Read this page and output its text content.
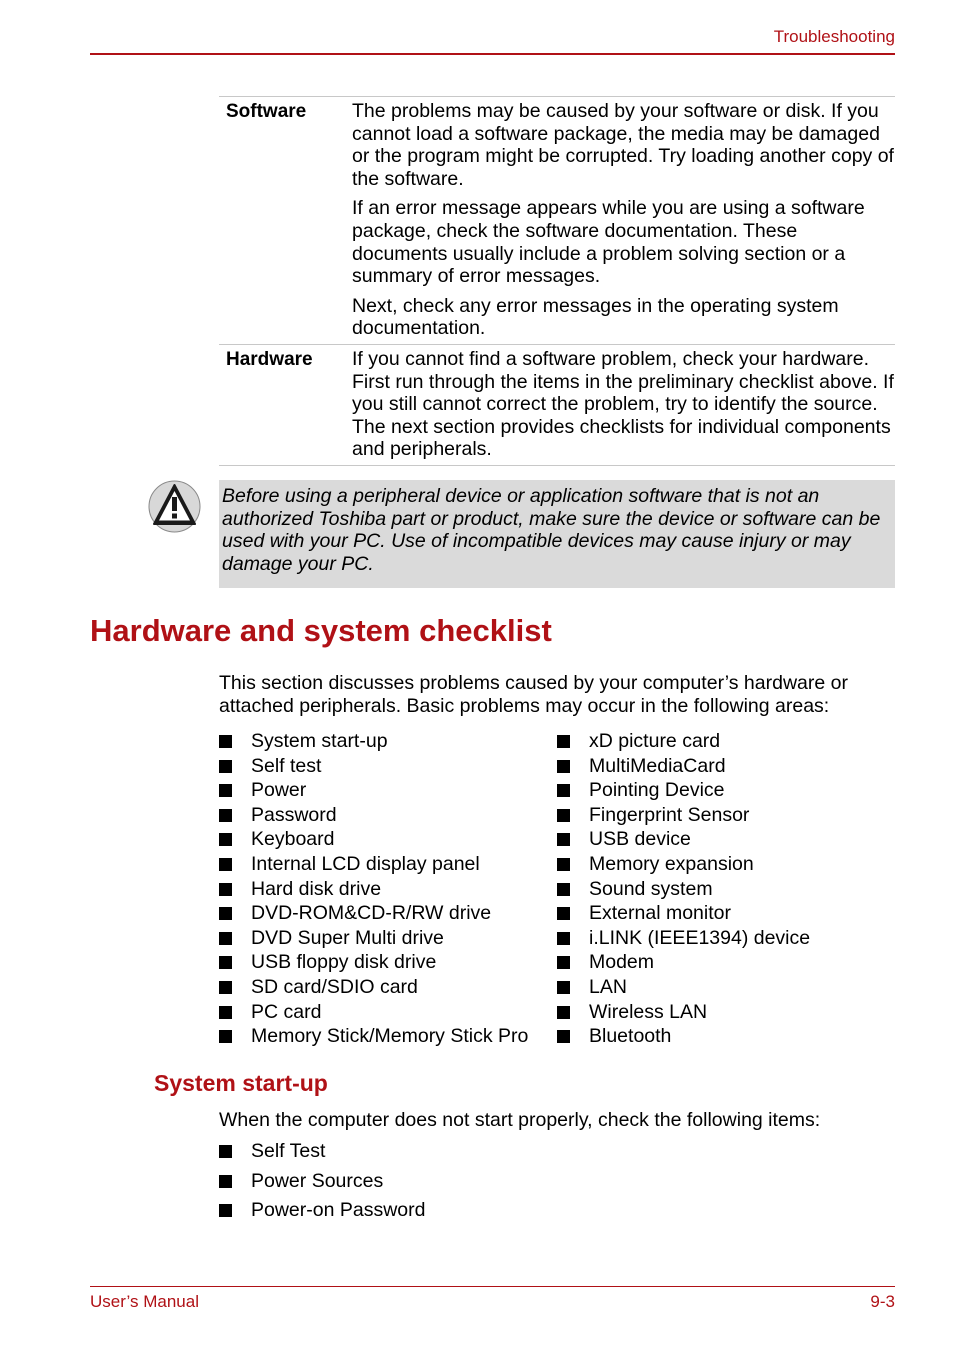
Troubleshooting
Software	The problems may be caused by your software or disk. If you cannot load a software package, the media may be damaged or the program might be corrupted. Try loading another copy of the software.

If an error message appears while you are using a software package, check the software documentation. These documents usually include a problem solving section or a summary of error messages.

Next, check any error messages in the operating system documentation.

Hardware	If you cannot find a software problem, check your hardware. First run through the items in the preliminary checklist above. If you still cannot correct the problem, try to identify the source. The next section provides checklists for individual components and peripherals.

Before using a peripheral device or application software that is not an authorized Toshiba part or product, make sure the device or software can be used with your PC. Use of incompatible devices may cause injury or may damage your PC.
Hardware and system checklist

This section discusses problems caused by your computer’s hardware or attached peripherals. Basic problems may occur in the following areas:

System start-up
Self test
Power
Password
Keyboard
Internal LCD display panel
Hard disk drive
DVD-ROM&CD-R/RW drive
DVD Super Multi drive
USB floppy disk drive
SD card/SDIO card
PC card
Memory Stick/Memory Stick Pro
xD picture card
MultiMediaCard
Pointing Device
Fingerprint Sensor
USB device
Memory expansion
Sound system
External monitor
i.LINK (IEEE1394) device
Modem
LAN
Wireless LAN
Bluetooth
System start-up

When the computer does not start properly, check the following items:

Self Test
Power Sources
Power-on Password
User’s Manual	9-3
